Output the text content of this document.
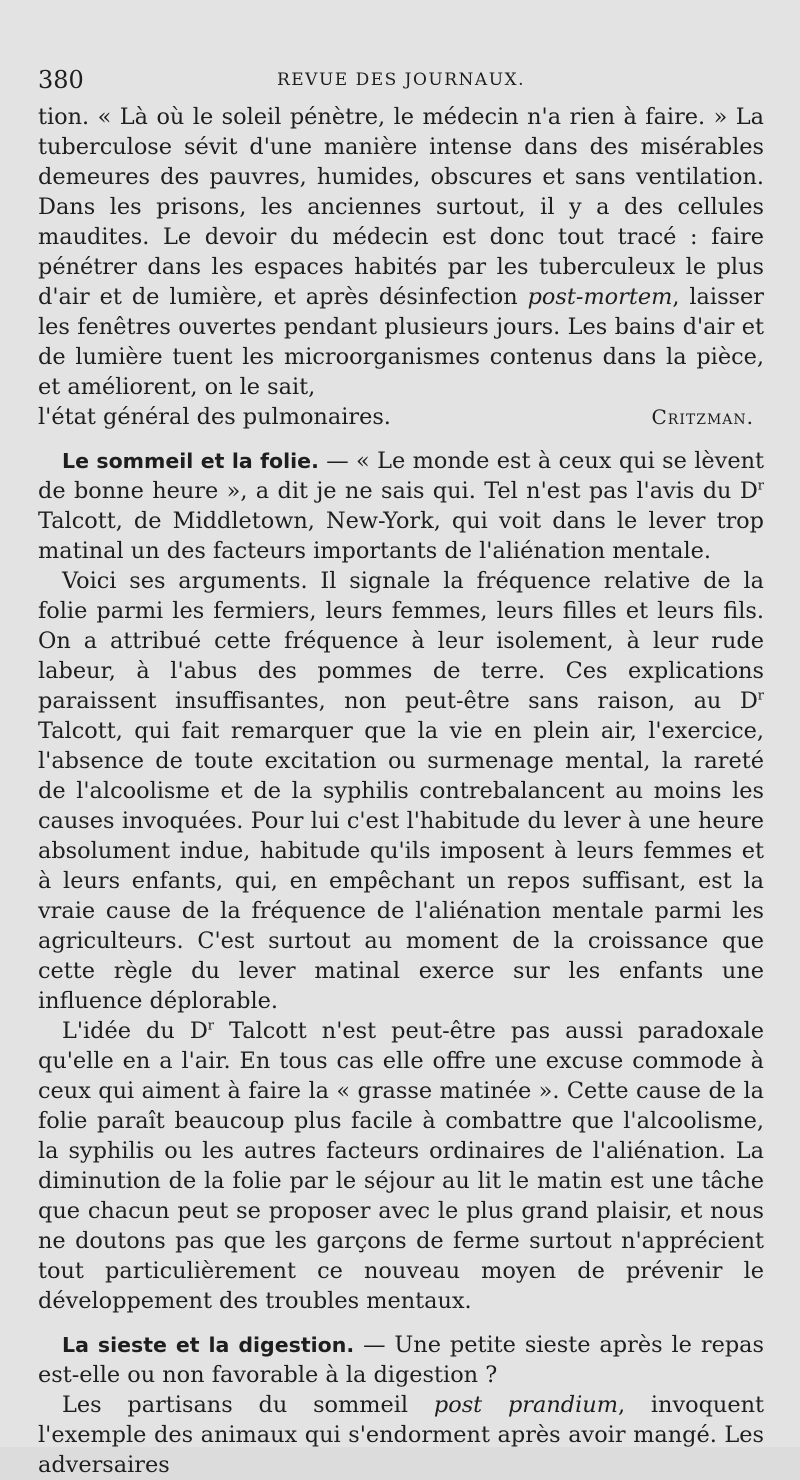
380	REVUE DES JOURNAUX.

tion. « Là où le soleil pénètre, le médecin n'a rien à faire. » La tuberculose sévit d'une manière intense dans des misérables demeures des pauvres, humides, obscures et sans ventilation. Dans les prisons, les anciennes surtout, il y a des cellules maudites. Le devoir du médecin est donc tout tracé : faire pénétrer dans les espaces habités par les tuberculeux le plus d'air et de lumière, et après désinfection post-mortem, laisser les fenêtres ouvertes pendant plusieurs jours. Les bains d'air et de lumière tuent les microorganismes contenus dans la pièce, et améliorent, on le sait,

l'état général des pulmonaires.	Critzman.

Le sommeil et la folie. — « Le monde est à ceux qui se lèvent de bonne heure », a dit je ne sais qui. Tel n'est pas l'avis du $D^r$ Talcott, de Middletown, New-York, qui voit dans le lever trop matinal un des facteurs importants de l'aliénation mentale.

Voici ses arguments. Il signale la fréquence relative de la folie parmi les fermiers, leurs femmes, leurs filles et leurs fils. On a attribué cette fréquence à leur isolement, à leur rude labeur, à l'abus des pommes de terre. Ces explications paraissent insuffisantes, non peut-être sans raison, au $D^r$ Talcott, qui fait remarquer que la vie en plein air, l'exercice, l'absence de toute excitation ou surmenage mental, la rareté de l'alcoolisme et de la syphilis contrebalancent au moins les causes invoquées. Pour lui c'est l'habitude du lever à une heure absolument indue, habitude qu'ils imposent à leurs femmes et à leurs enfants, qui, en empêchant un repos suffisant, est la vraie cause de la fréquence de l'aliénation mentale parmi les agriculteurs. C'est surtout au moment de la croissance que cette règle du lever matinal exerce sur les enfants une influence déplorable.

L'idée du $D^r$ Talcott n'est peut-être pas aussi paradoxale qu'elle en a l'air. En tous cas elle offre une excuse commode à ceux qui aiment à faire la « grasse matinée ». Cette cause de la folie paraît beaucoup plus facile à combattre que l'alcoolisme, la syphilis ou les autres facteurs ordinaires de l'aliénation. La diminution de la folie par le séjour au lit le matin est une tâche que chacun peut se proposer avec le plus grand plaisir, et nous ne doutons pas que les garçons de ferme surtout n'apprécient tout particulièrement ce nouveau moyen de prévenir le développement des troubles mentaux.

La sieste et la digestion. — Une petite sieste après le repas est-elle ou non favorable à la digestion ?

Les partisans du sommeil post prandium, invoquent l'exemple des animaux qui s'endorment après avoir mangé. Les adversaires
